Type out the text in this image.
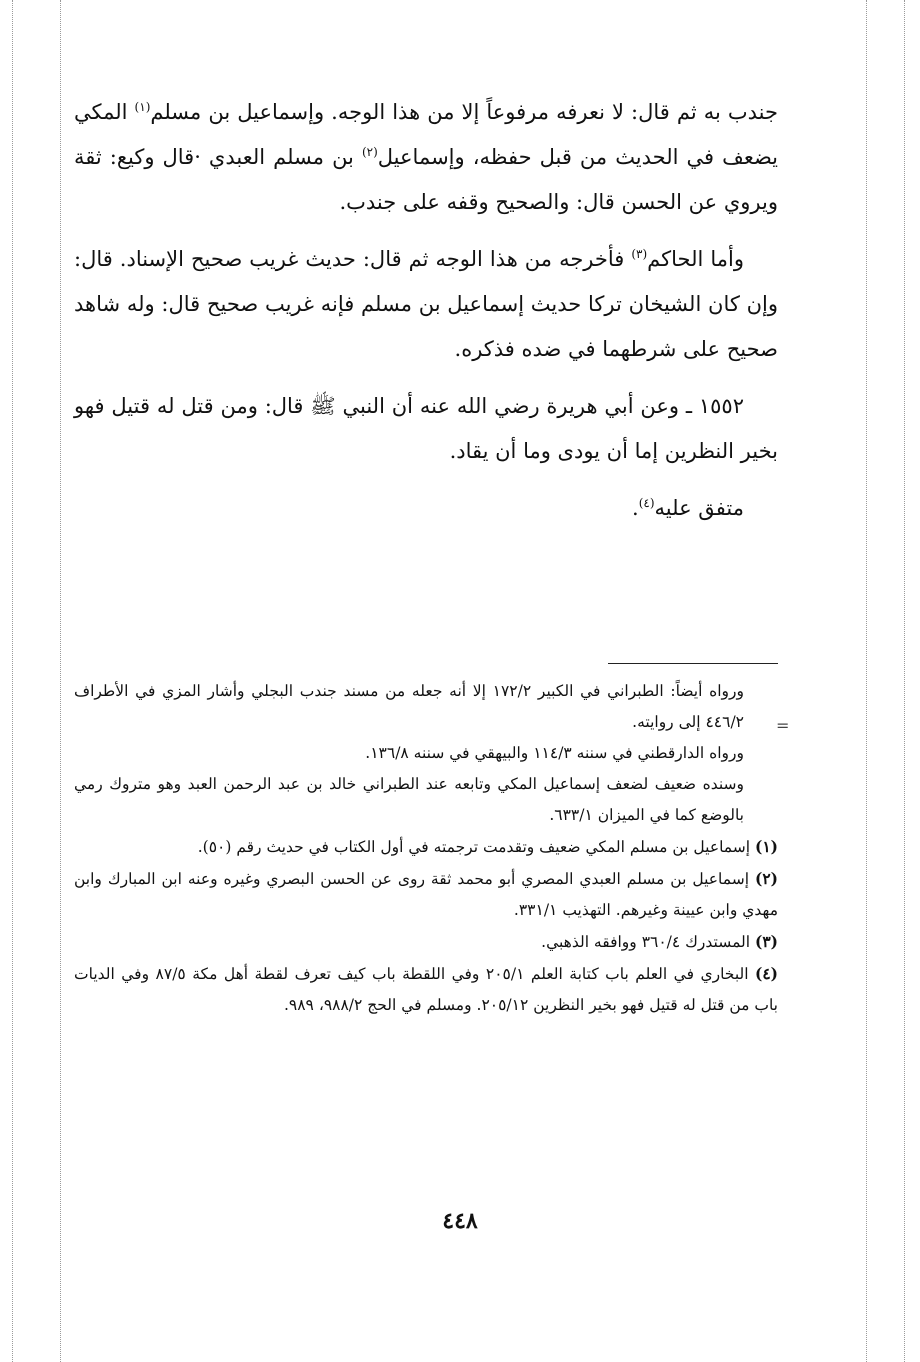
جندب به ثم قال: لا نعرفه مرفوعاً إلا من هذا الوجه. وإسماعيل بن مسلم$^{(١)}$ المكي يضعف في الحديث من قبل حفظه، وإسماعيل$^{(٢)}$ بن مسلم العبدي ·قال وكيع: ثقة ويروي عن الحسن قال: والصحيح وقفه على جندب.

وأما الحاكم$^{(٣)}$ فأخرجه من هذا الوجه ثم قال: حديث غريب صحيح الإسناد. قال: وإن كان الشيخان تركا حديث إسماعيل بن مسلم فإنه غريب صحيح قال: وله شاهد صحيح على شرطهما في ضده فذكره.

١٥٥٢ ـ وعن أبي هريرة رضي الله عنه أن النبي ﷺ قال: ومن قتل له قتيل فهو بخير النظرين إما أن يودى وما أن يقاد.

متفق عليه$^{(٤)}$.

ورواه أيضاً: الطبراني في الكبير ١٧٢/٢ إلا أنه جعله من مسند جندب البجلي وأشار المزي في الأطراف ٤٤٦/٢ إلى روايته.

ورواه الدارقطني في سننه ١١٤/٣ والبيهقي في سننه ١٣٦/٨.

وسنده ضعيف لضعف إسماعيل المكي وتابعه عند الطبراني خالد بن عبد الرحمن العبد وهو متروك رمي بالوضع كما في الميزان ٦٣٣/١.

(١) إسماعيل بن مسلم المكي ضعيف وتقدمت ترجمته في أول الكتاب في حديث رقم (٥٠).

(٢) إسماعيل بن مسلم العبدي المصري أبو محمد ثقة روى عن الحسن البصري وغيره وعنه ابن المبارك وابن مهدي وابن عيينة وغيرهم. التهذيب ٣٣١/١.

(٣) المستدرك ٣٦٠/٤ ووافقه الذهبي.

(٤) البخاري في العلم باب كتابة العلم ٢٠٥/١ وفي اللقطة باب كيف تعرف لقطة أهل مكة ٨٧/٥ وفي الديات باب من قتل له قتيل فهو بخير النظرين ٢٠٥/١٢. ومسلم في الحج ٩٨٨/٢، ٩٨٩.

=
٤٤٨
